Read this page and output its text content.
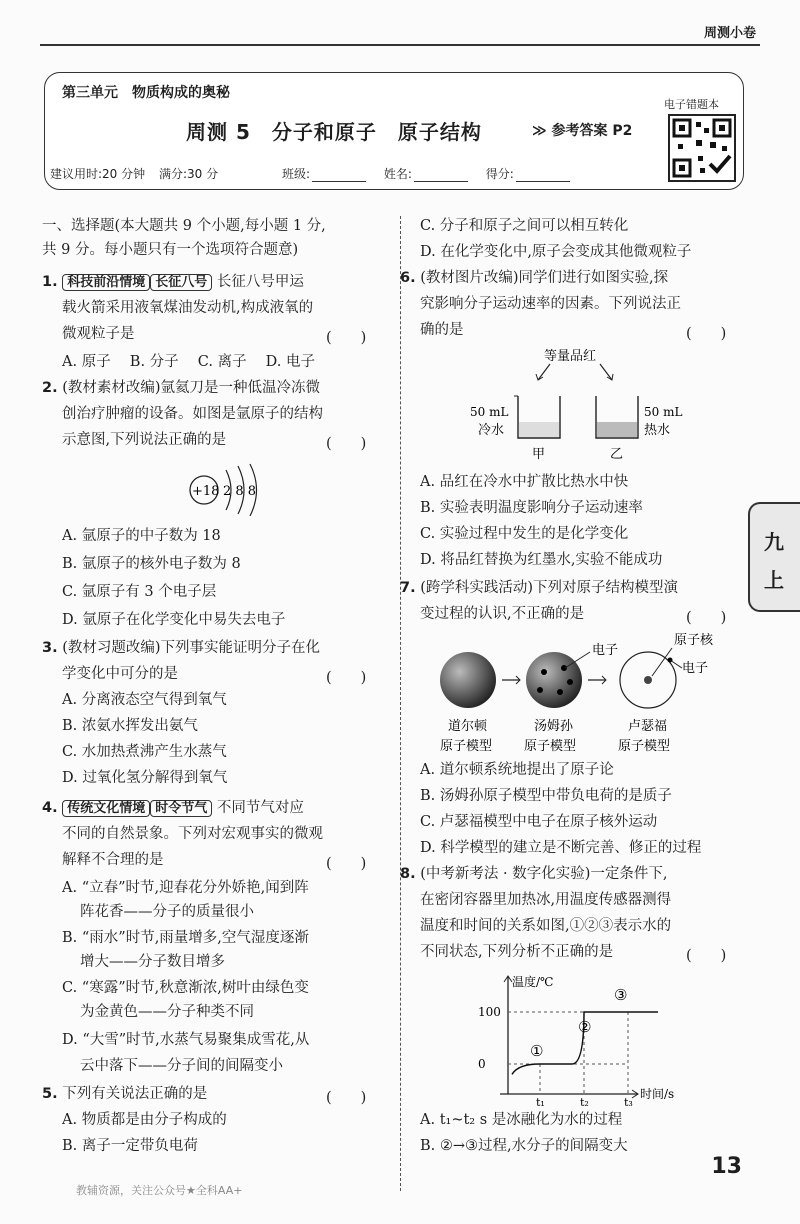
周测小卷
第三单元　物质构成的奥秘
周测 5　分子和原子　原子结构	≫ 参考答案 P2
电子错题本
建议用时:20 分钟 满分:30 分	班级:	姓名:	得分:
一、选择题(本大题共 9 个小题,每小题 1 分,
共 9 分。每小题只有一个选项符合题意)
1. 科技前沿情境 长征八号 长征八号甲运
载火箭采用液氧煤油发动机,构成液氧的
微观粒子是	(　　)
A. 原子　 B. 分子　 C. 离子　 D. 电子
2. (教材素材改编)氩氦刀是一种低温冷冻微
创治疗肿瘤的设备。如图是氩原子的结构
示意图,下列说法正确的是	(　　)
+18 2 8 8
A. 氩原子的中子数为 18
B. 氩原子的核外电子数为 8
C. 氩原子有 3 个电子层
D. 氩原子在化学变化中易失去电子
3. (教材习题改编)下列事实能证明分子在化
学变化中可分的是	(　　)
A. 分离液态空气得到氧气
B. 浓氨水挥发出氨气
C. 水加热煮沸产生水蒸气
D. 过氧化氢分解得到氧气
4. 传统文化情境 时令节气 不同节气对应
不同的自然景象。下列对宏观事实的微观
解释不合理的是	(　　)
A. “立春”时节,迎春花分外娇艳,闻到阵
阵花香——分子的质量很小
B. “雨水”时节,雨量增多,空气湿度逐渐
增大——分子数目增多
C. “寒露”时节,秋意渐浓,树叶由绿色变
为金黄色——分子种类不同
D. “大雪”时节,水蒸气易聚集成雪花,从
云中落下——分子间的间隔变小
5. 下列有关说法正确的是	(　　)
A. 物质都是由分子构成的
B. 离子一定带负电荷
C. 分子和原子之间可以相互转化
D. 在化学变化中,原子会变成其他微观粒子
6. (教材图片改编)同学们进行如图实验,探
究影响分子运动速率的因素。下列说法正
确的是	(　　)
等量品红
50 mL
冷水
50 mL
热水
甲	乙
A. 品红在冷水中扩散比热水中快
B. 实验表明温度影响分子运动速率
C. 实验过程中发生的是化学变化
D. 将品红替换为红墨水,实验不能成功
7. (跨学科实践活动)下列对原子结构模型演
变过程的认识,不正确的是	(　　)
电子
原子核
电子
道尔顿
原子模型
汤姆孙
原子模型
卢瑟福
原子模型
A. 道尔顿系统地提出了原子论
B. 汤姆孙原子模型中带负电荷的是质子
C. 卢瑟福模型中电子在原子核外运动
D. 科学模型的建立是不断完善、修正的过程
8. (中考新考法 · 数字化实验)一定条件下,
在密闭容器里加热冰,用温度传感器测得
温度和时间的关系如图,①②③表示水的
不同状态,下列分析不正确的是	(　　)
温度/℃
时间/s
100
0
t₁	t₂	t₃
①
②
③
A. t₁~t₂ s 是冰融化为水的过程
B. ②→③过程,水分子的间隔变大
九
上
13
教辅资源，关注公众号★全科AA+
